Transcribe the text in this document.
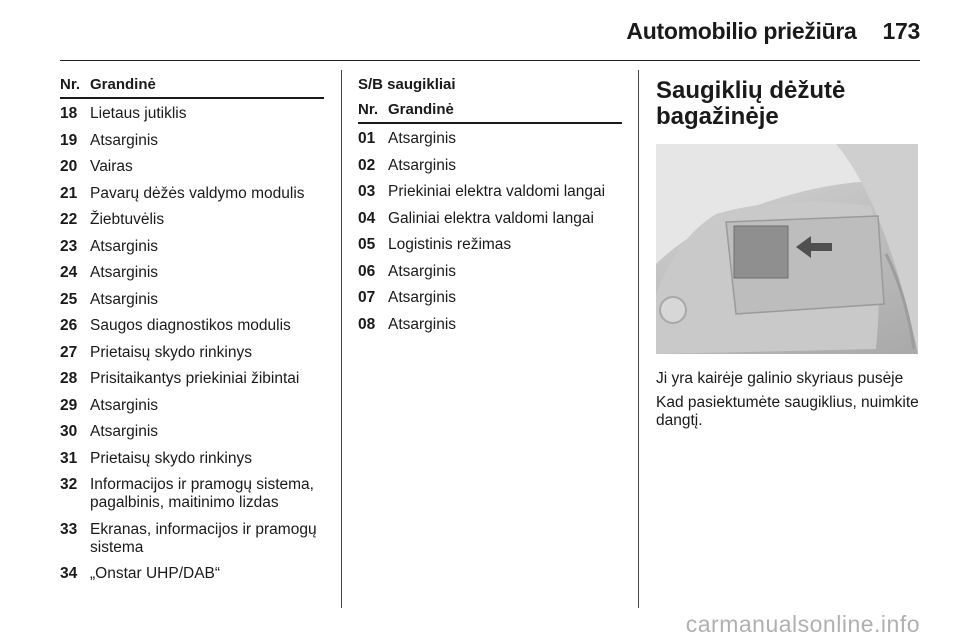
Automobilio priežiūra 173
Nr. Grandinė
18 Lietaus jutiklis
19 Atsarginis
20 Vairas
21 Pavarų dėžės valdymo modulis
22 Žiebtuvėlis
23 Atsarginis
24 Atsarginis
25 Atsarginis
26 Saugos diagnostikos modulis
27 Prietaisų skydo rinkinys
28 Prisitaikantys priekiniai žibintai
29 Atsarginis
30 Atsarginis
31 Prietaisų skydo rinkinys
32 Informacijos ir pramogų sistema, pagalbinis, maitinimo lizdas
33 Ekranas, informacijos ir pramogų sistema
34 „Onstar UHP/DAB“
S/B saugikliai
Nr. Grandinė
01 Atsarginis
02 Atsarginis
03 Priekiniai elektra valdomi langai
04 Galiniai elektra valdomi langai
05 Logistinis režimas
06 Atsarginis
07 Atsarginis
08 Atsarginis
Saugiklių dėžutė
bagažinėje

Ji yra kairėje galinio skyriaus pusėje

Kad pasiektumėte saugiklius, nuimkite dangtį.

carmanualsonline.info
